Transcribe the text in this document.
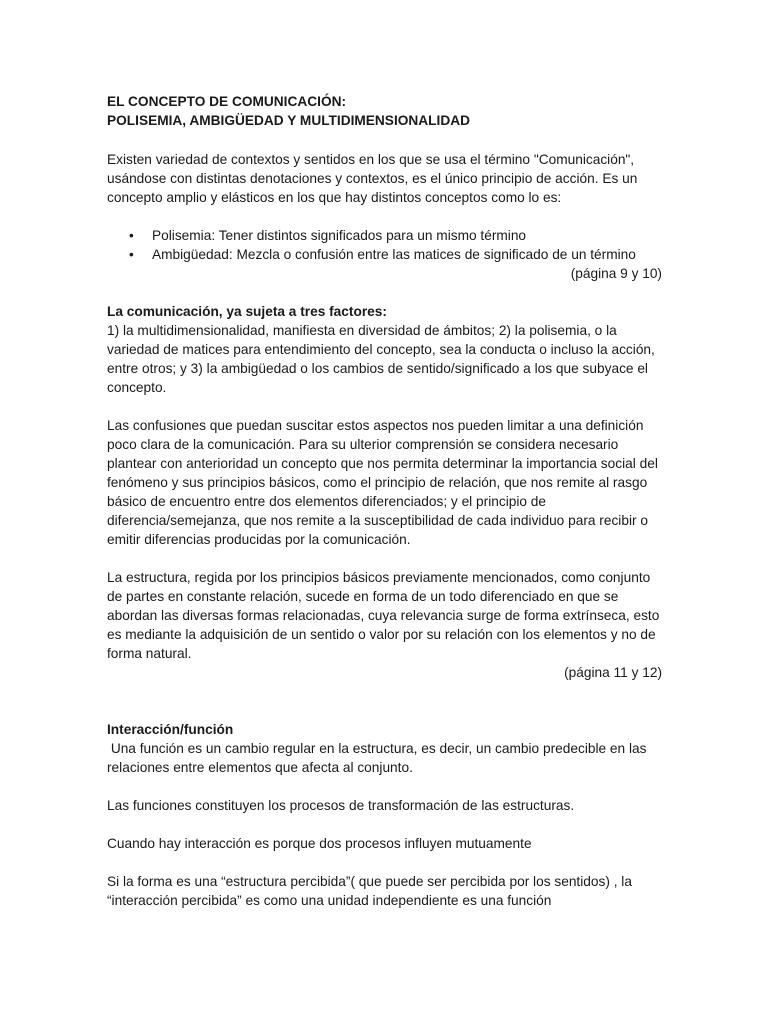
EL CONCEPTO DE COMUNICACIÓN:
POLISEMIA, AMBIGÜEDAD Y MULTIDIMENSIONALIDAD

Existen variedad de contextos y sentidos en los que se usa el término "Comunicación", usándose con distintas denotaciones y contextos, es el único principio de acción. Es un concepto amplio y elásticos en los que hay distintos conceptos como lo es:

• Polisemia: Tener distintos significados para un mismo término
• Ambigüedad: Mezcla o confusión entre las matices de significado de un término
(página 9 y 10)
La comunicación, ya sujeta a tres factores:

1) la multidimensionalidad, manifiesta en diversidad de ámbitos; 2) la polisemia, o la variedad de matices para entendimiento del concepto, sea la conducta o incluso la acción, entre otros; y 3) la ambigüedad o los cambios de sentido/significado a los que subyace el concepto.

Las confusiones que puedan suscitar estos aspectos nos pueden limitar a una definición poco clara de la comunicación. Para su ulterior comprensión se considera necesario plantear con anterioridad un concepto que nos permita determinar la importancia social del fenómeno y sus principios básicos, como el principio de relación, que nos remite al rasgo básico de encuentro entre dos elementos diferenciados; y el principio de diferencia/semejanza, que nos remite a la susceptibilidad de cada individuo para recibir o emitir diferencias producidas por la comunicación.

La estructura, regida por los principios básicos previamente mencionados, como conjunto de partes en constante relación, sucede en forma de un todo diferenciado en que se abordan las diversas formas relacionadas, cuya relevancia surge de forma extrínseca, esto es mediante la adquisición de un sentido o valor por su relación con los elementos y no de forma natural.

(página 11 y 12)
Interacción/función

Una función es un cambio regular en la estructura, es decir, un cambio predecible en las relaciones entre elementos que afecta al conjunto.

Las funciones constituyen los procesos de transformación de las estructuras.

Cuando hay interacción es porque dos procesos influyen mutuamente

Si la forma es una “estructura percibida”( que puede ser percibida por los sentidos) , la “interacción percibida” es como una unidad independiente es una función
